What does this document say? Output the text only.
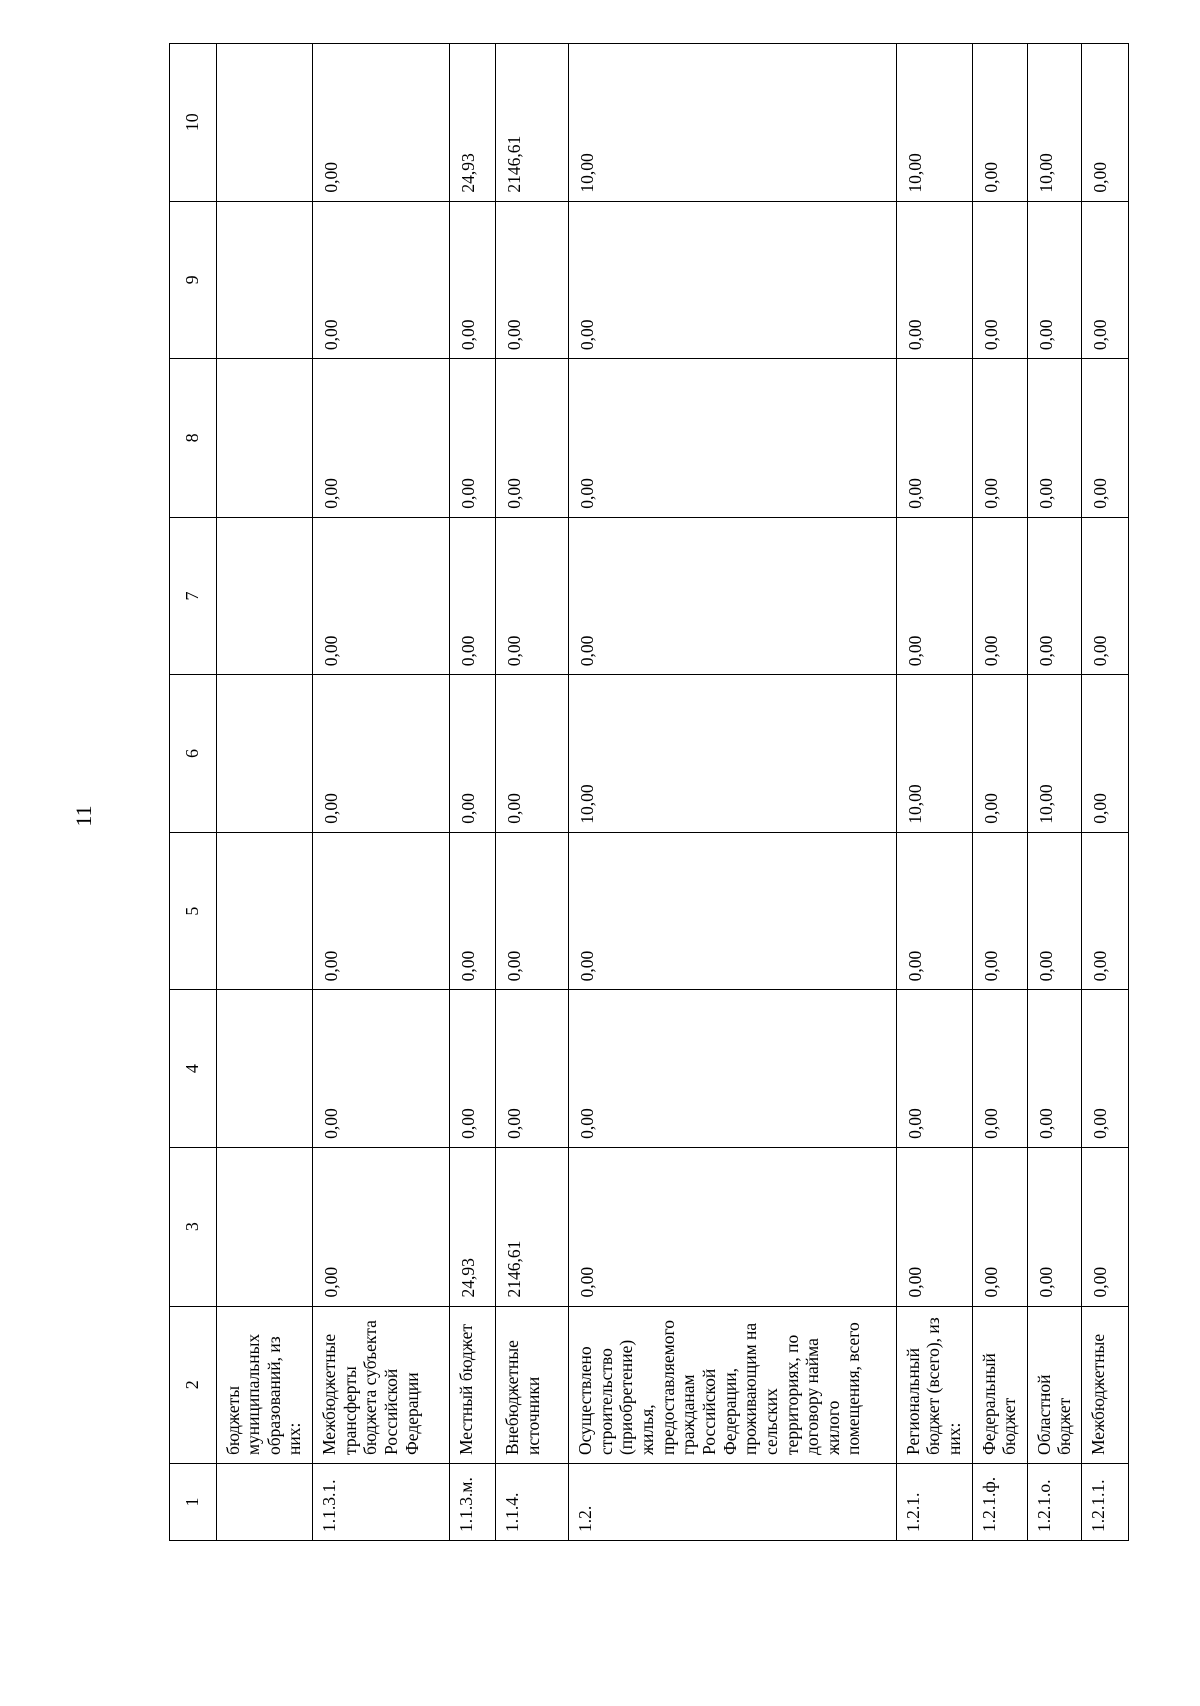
11
1	2	3	4	5	6	7	8	9	10
	бюджеты муниципальных образований, из них:								
1.1.3.1.	Межбюджетные трансферты бюджета субъекта Российской Федерации	0,00	0,00	0,00	0,00	0,00	0,00	0,00	0,00
1.1.3.м.	Местный бюджет	24,93	0,00	0,00	0,00	0,00	0,00	0,00	24,93
1.1.4.	Внебюджетные источники	2146,61	0,00	0,00	0,00	0,00	0,00	0,00	2146,61
1.2.	Осуществлено строительство (приобретение) жилья, предоставляемого гражданам Российской Федерации, проживающим на сельских территориях, по договору найма жилого помещения, всего	0,00	0,00	0,00	10,00	0,00	0,00	0,00	10,00
1.2.1.	Региональный бюджет (всего), из них:	0,00	0,00	0,00	10,00	0,00	0,00	0,00	10,00
1.2.1.ф.	Федеральный бюджет	0,00	0,00	0,00	0,00	0,00	0,00	0,00	0,00
1.2.1.о.	Областной бюджет	0,00	0,00	0,00	10,00	0,00	0,00	0,00	10,00
1.2.1.1.	Межбюджетные	0,00	0,00	0,00	0,00	0,00	0,00	0,00	0,00
